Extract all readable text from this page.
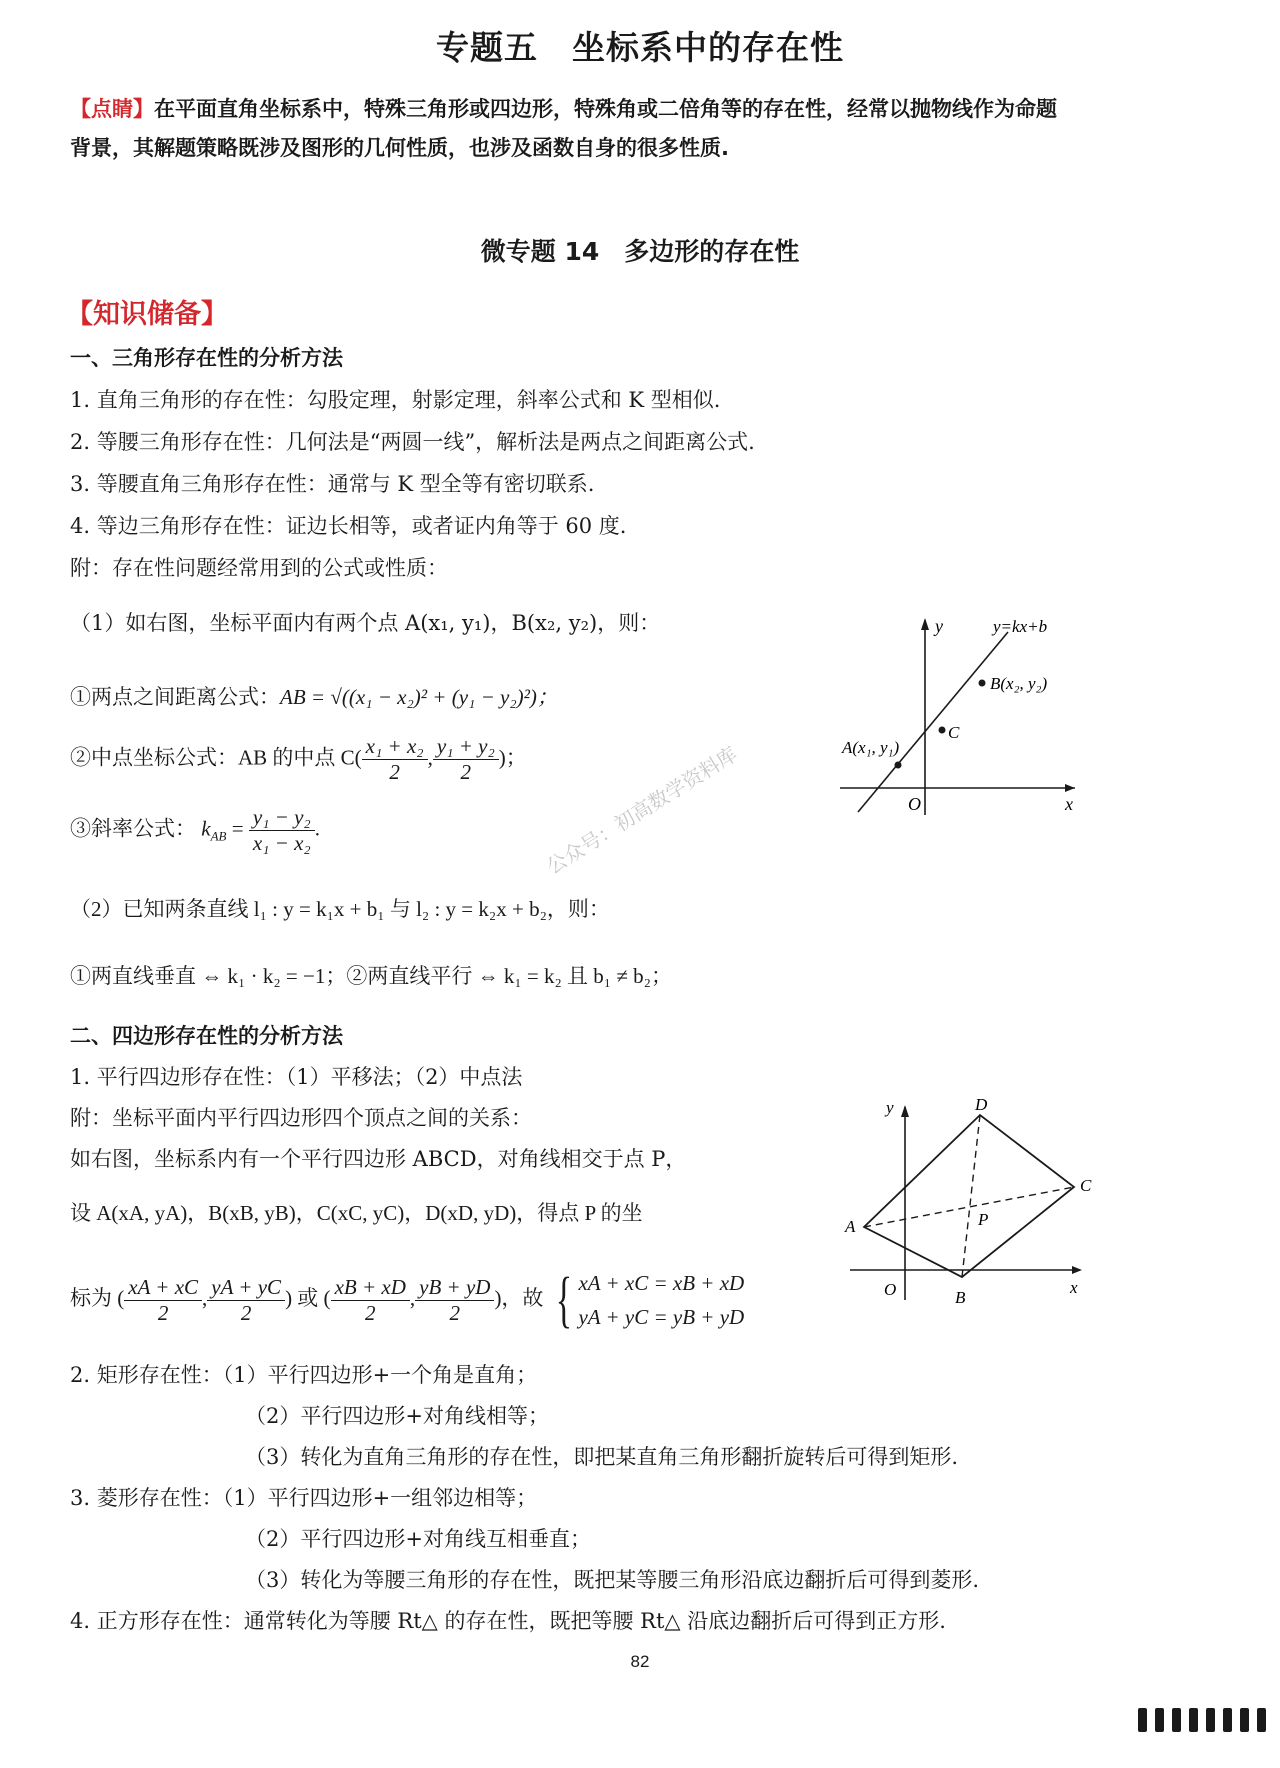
专题五　坐标系中的存在性
【点睛】在平面直角坐标系中，特殊三角形或四边形，特殊角或二倍角等的存在性，经常以抛物线作为命题
背景，其解题策略既涉及图形的几何性质，也涉及函数自身的很多性质.
微专题 14　多边形的存在性
【知识储备】
一、三角形存在性的分析方法
1. 直角三角形的存在性：勾股定理，射影定理，斜率公式和 K 型相似.
2. 等腰三角形存在性：几何法是“两圆一线”，解析法是两点之间距离公式.
3. 等腰直角三角形存在性：通常与 K 型全等有密切联系.
4. 等边三角形存在性：证边长相等，或者证内角等于 60 度.
附：存在性问题经常用到的公式或性质：
（1）如右图，坐标平面内有两个点 A(x₁, y₁)，B(x₂, y₂)，则：
①两点之间距离公式：AB = √((x₁ − x₂)² + (y₁ − y₂)²)；
②中点坐标公式：AB 的中点 $C( \frac{\text{x₁ + x₂}}{2}$ , $\frac{\text{y₁ + y₂}}{2}$ )；
③斜率公式： $k_{AB} = \frac{\text{y₁ − y₂}}{\text{x₁ − x₂}}$ .
（2）已知两条直线 l₁ : y = k₁x + b₁ 与 l₂ : y = k₂x + b₂，则：
①两直线垂直 ⇔ k₁ · k₂ = −1；②两直线平行 ⇔ k₁ = k₂ 且 b₁ ≠ b₂；
y
x
O
y=kx+b
B(x₂, y₂)
C
A(x₁, y₁)
公众号：初高数学资料库
二、四边形存在性的分析方法
1. 平行四边形存在性：（1）平移法；（2）中点法
附：坐标平面内平行四边形四个顶点之间的关系：
如右图，坐标系内有一个平行四边形 ABCD，对角线相交于点 P，
设 A(xA, yA)，B(xB, yB)，C(xC, yC)，D(xD, yD)，得点 P 的坐
标为 ( $\frac{xA + xC}{2}$ , $\frac{yA + yC}{2}$ ) 或 ( $\frac{xB + xD}{2}$ , $\frac{yB + yD}{2}$ )，故 { xA + xC = xB + xD
yA + yC = yB + yD
y
x
O
A
B
C
D
P
2. 矩形存在性：（1）平行四边形+一个角是直角；
（2）平行四边形+对角线相等；
（3）转化为直角三角形的存在性，即把某直角三角形翻折旋转后可得到矩形.
3. 菱形存在性：（1）平行四边形+一组邻边相等；
（2）平行四边形+对角线互相垂直；
（3）转化为等腰三角形的存在性，既把某等腰三角形沿底边翻折后可得到菱形.
4. 正方形存在性：通常转化为等腰 Rt△ 的存在性，既把等腰 Rt△ 沿底边翻折后可得到正方形.
82
